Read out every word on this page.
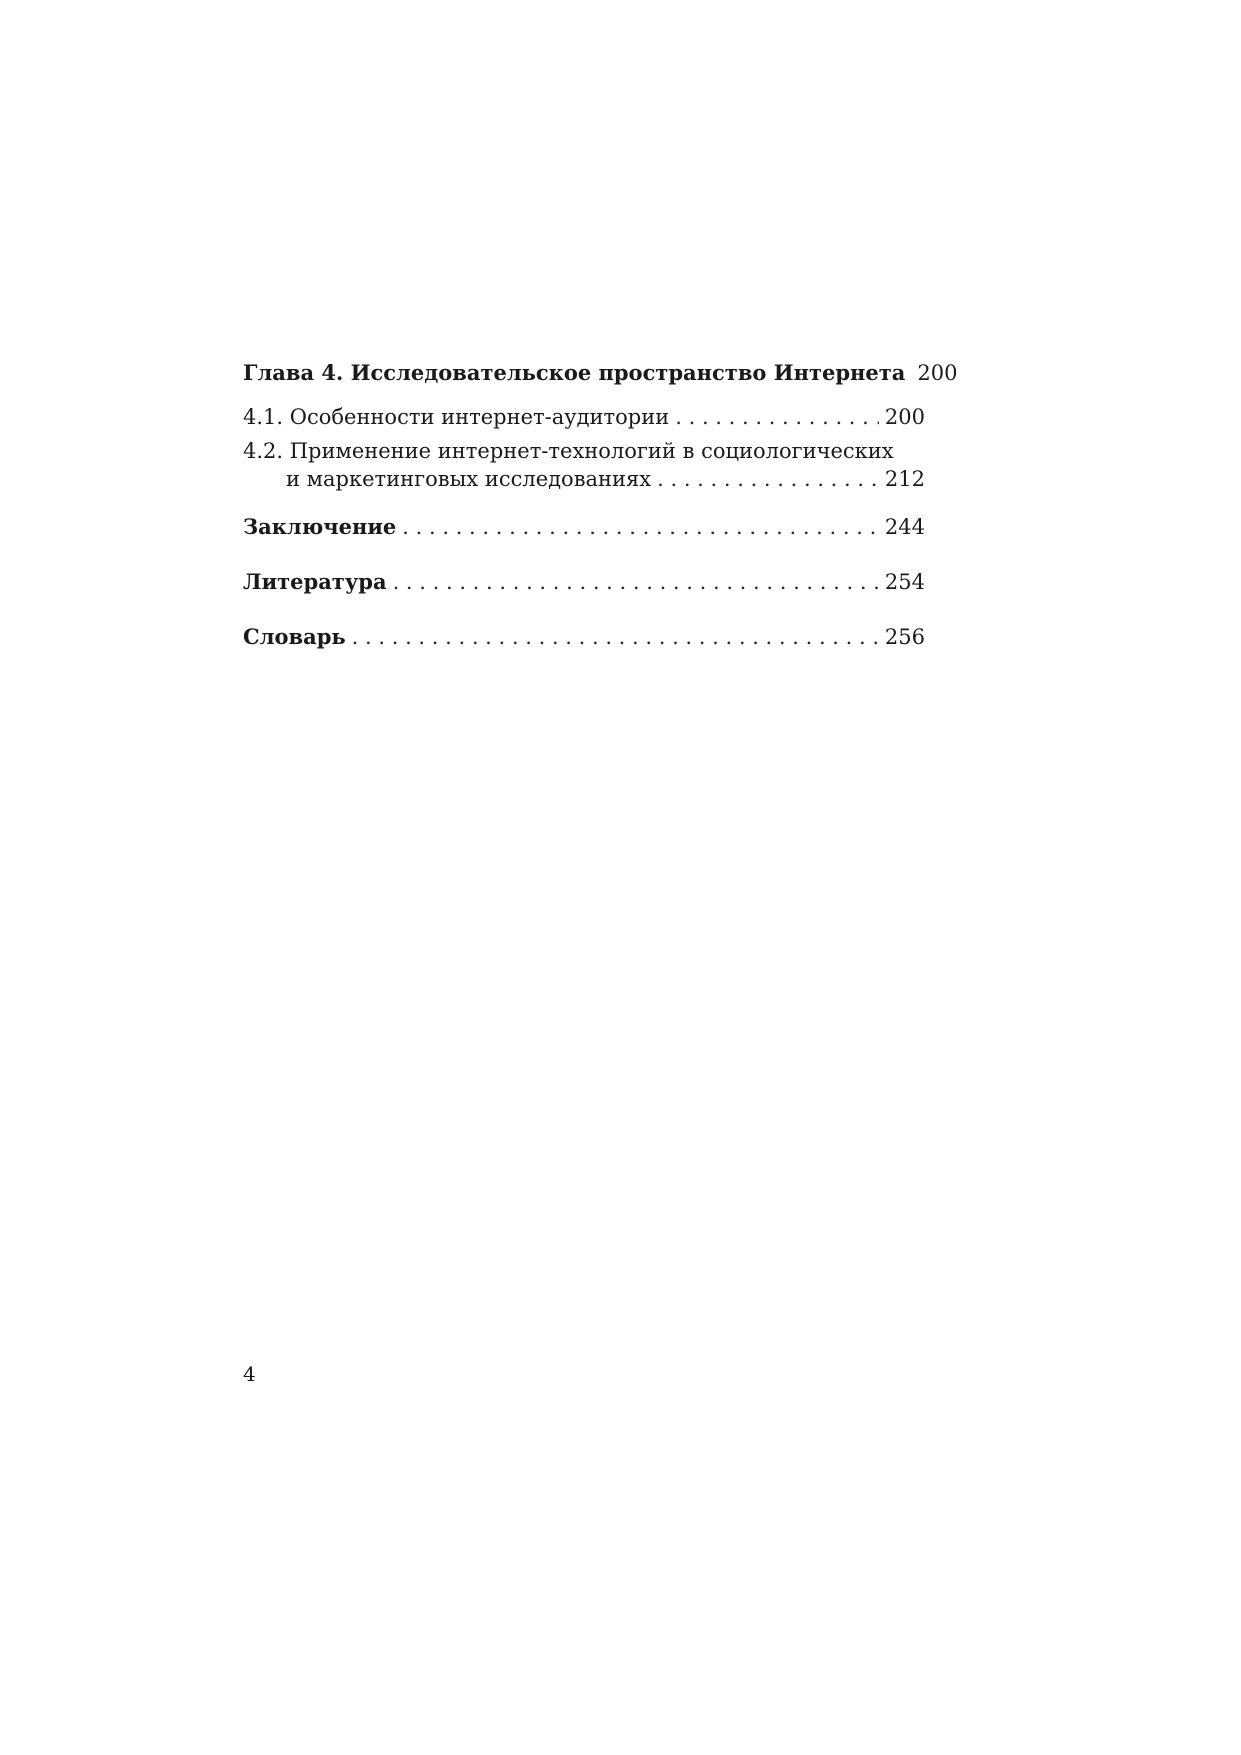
Глава 4. Исследовательское пространство Интернета 200
4.1. Особенности интернет-аудитории . . .	200
4.2. Применение интернет-технологий в социологических
и маркетинговых исследованиях . . .	212
Заключение . . .	244
Литература . . .	254
Словарь . . .	256
4
